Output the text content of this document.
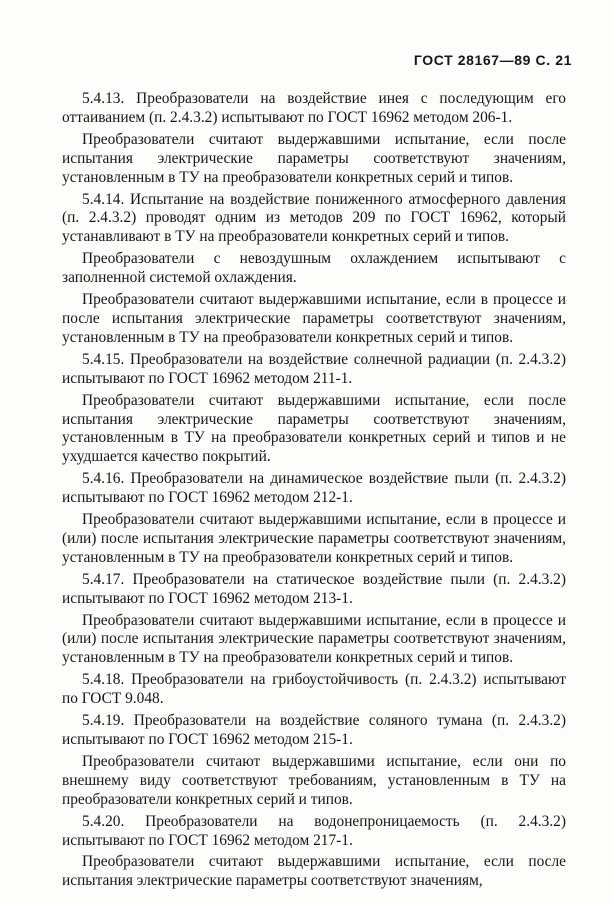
ГОСТ 28167—89 С. 21

5.4.13. Преобразователи на воздействие инея с последующим его оттаиванием (п. 2.4.3.2) испытывают по ГОСТ 16962 методом 206-1.

Преобразователи считают выдержавшими испытание, если после испытания электрические параметры соответствуют значениям, установленным в ТУ на преобразователи конкретных серий и типов.

5.4.14. Испытание на воздействие пониженного атмосферного давления (п. 2.4.3.2) проводят одним из методов 209 по ГОСТ 16962, который устанавливают в ТУ на преобразователи конкретных серий и типов.

Преобразователи с невоздушным охлаждением испытывают с заполненной системой охлаждения.

Преобразователи считают выдержавшими испытание, если в процессе и после испытания электрические параметры соответствуют значениям, установленным в ТУ на преобразователи конкретных серий и типов.

5.4.15. Преобразователи на воздействие солнечной радиации (п. 2.4.3.2) испытывают по ГОСТ 16962 методом 211-1.

Преобразователи считают выдержавшими испытание, если после испытания электрические параметры соответствуют значениям, установленным в ТУ на преобразователи конкретных серий и типов и не ухудшается качество покрытий.

5.4.16. Преобразователи на динамическое воздействие пыли (п. 2.4.3.2) испытывают по ГОСТ 16962 методом 212-1.

Преобразователи считают выдержавшими испытание, если в процессе и (или) после испытания электрические параметры соответствуют значениям, установленным в ТУ на преобразователи конкретных серий и типов.

5.4.17. Преобразователи на статическое воздействие пыли (п. 2.4.3.2) испытывают по ГОСТ 16962 методом 213-1.

Преобразователи считают выдержавшими испытание, если в процессе и (или) после испытания электрические параметры соответствуют значениям, установленным в ТУ на преобразователи конкретных серий и типов.

5.4.18. Преобразователи на грибоустойчивость (п. 2.4.3.2) испытывают по ГОСТ 9.048.

5.4.19. Преобразователи на воздействие соляного тумана (п. 2.4.3.2) испытывают по ГОСТ 16962 методом 215-1.

Преобразователи считают выдержавшими испытание, если они по внешнему виду соответствуют требованиям, установленным в ТУ на преобразователи конкретных серий и типов.

5.4.20. Преобразователи на водонепроницаемость (п. 2.4.3.2) испытывают по ГОСТ 16962 методом 217-1.

Преобразователи считают выдержавшими испытание, если после испытания электрические параметры соответствуют значениям,
